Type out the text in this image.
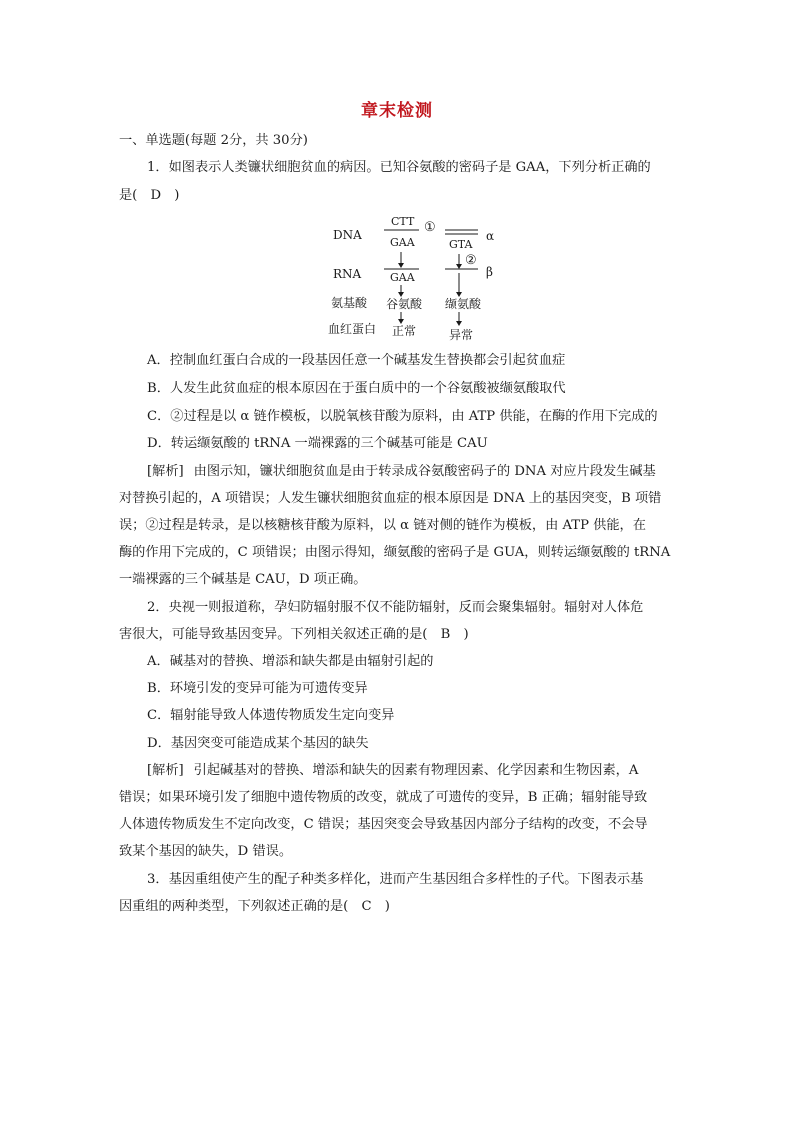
章末检测
一、单选题(每题 2分，共 30分)
1．如图表示人类镰状细胞贫血的病因。已知谷氨酸的密码子是 GAA，下列分析正确的
是(　D　)
DNA
RNA
氨基酸
血红蛋白
CTT
GAA
①
GTA
α
②
β
GAA
谷氨酸 缬氨酸
正常	异常
A．控制血红蛋白合成的一段基因任意一个碱基发生替换都会引起贫血症
B．人发生此贫血症的根本原因在于蛋白质中的一个谷氨酸被缬氨酸取代
C．②过程是以 α 链作模板，以脱氧核苷酸为原料，由 ATP 供能，在酶的作用下完成的
D．转运缬氨酸的 tRNA 一端裸露的三个碱基可能是 CAU
[解析] 由图示知，镰状细胞贫血是由于转录成谷氨酸密码子的 DNA 对应片段发生碱基
对替换引起的，A 项错误；人发生镰状细胞贫血症的根本原因是 DNA 上的基因突变，B 项错
误；②过程是转录，是以核糖核苷酸为原料，以 α 链对侧的链作为模板，由 ATP 供能，在
酶的作用下完成的，C 项错误；由图示得知，缬氨酸的密码子是 GUA，则转运缬氨酸的 tRNA
一端裸露的三个碱基是 CAU，D 项正确。
2．央视一则报道称，孕妇防辐射服不仅不能防辐射，反而会聚集辐射。辐射对人体危
害很大，可能导致基因变异。下列相关叙述正确的是(　B　)
A．碱基对的替换、增添和缺失都是由辐射引起的
B．环境引发的变异可能为可遗传变异
C．辐射能导致人体遗传物质发生定向变异
D．基因突变可能造成某个基因的缺失
[解析] 引起碱基对的替换、增添和缺失的因素有物理因素、化学因素和生物因素，A
错误；如果环境引发了细胞中遗传物质的改变，就成了可遗传的变异，B 正确；辐射能导致
人体遗传物质发生不定向改变，C 错误；基因突变会导致基因内部分子结构的改变，不会导
致某个基因的缺失，D 错误。
3．基因重组使产生的配子种类多样化，进而产生基因组合多样性的子代。下图表示基
因重组的两种类型，下列叙述正确的是(　C　)
